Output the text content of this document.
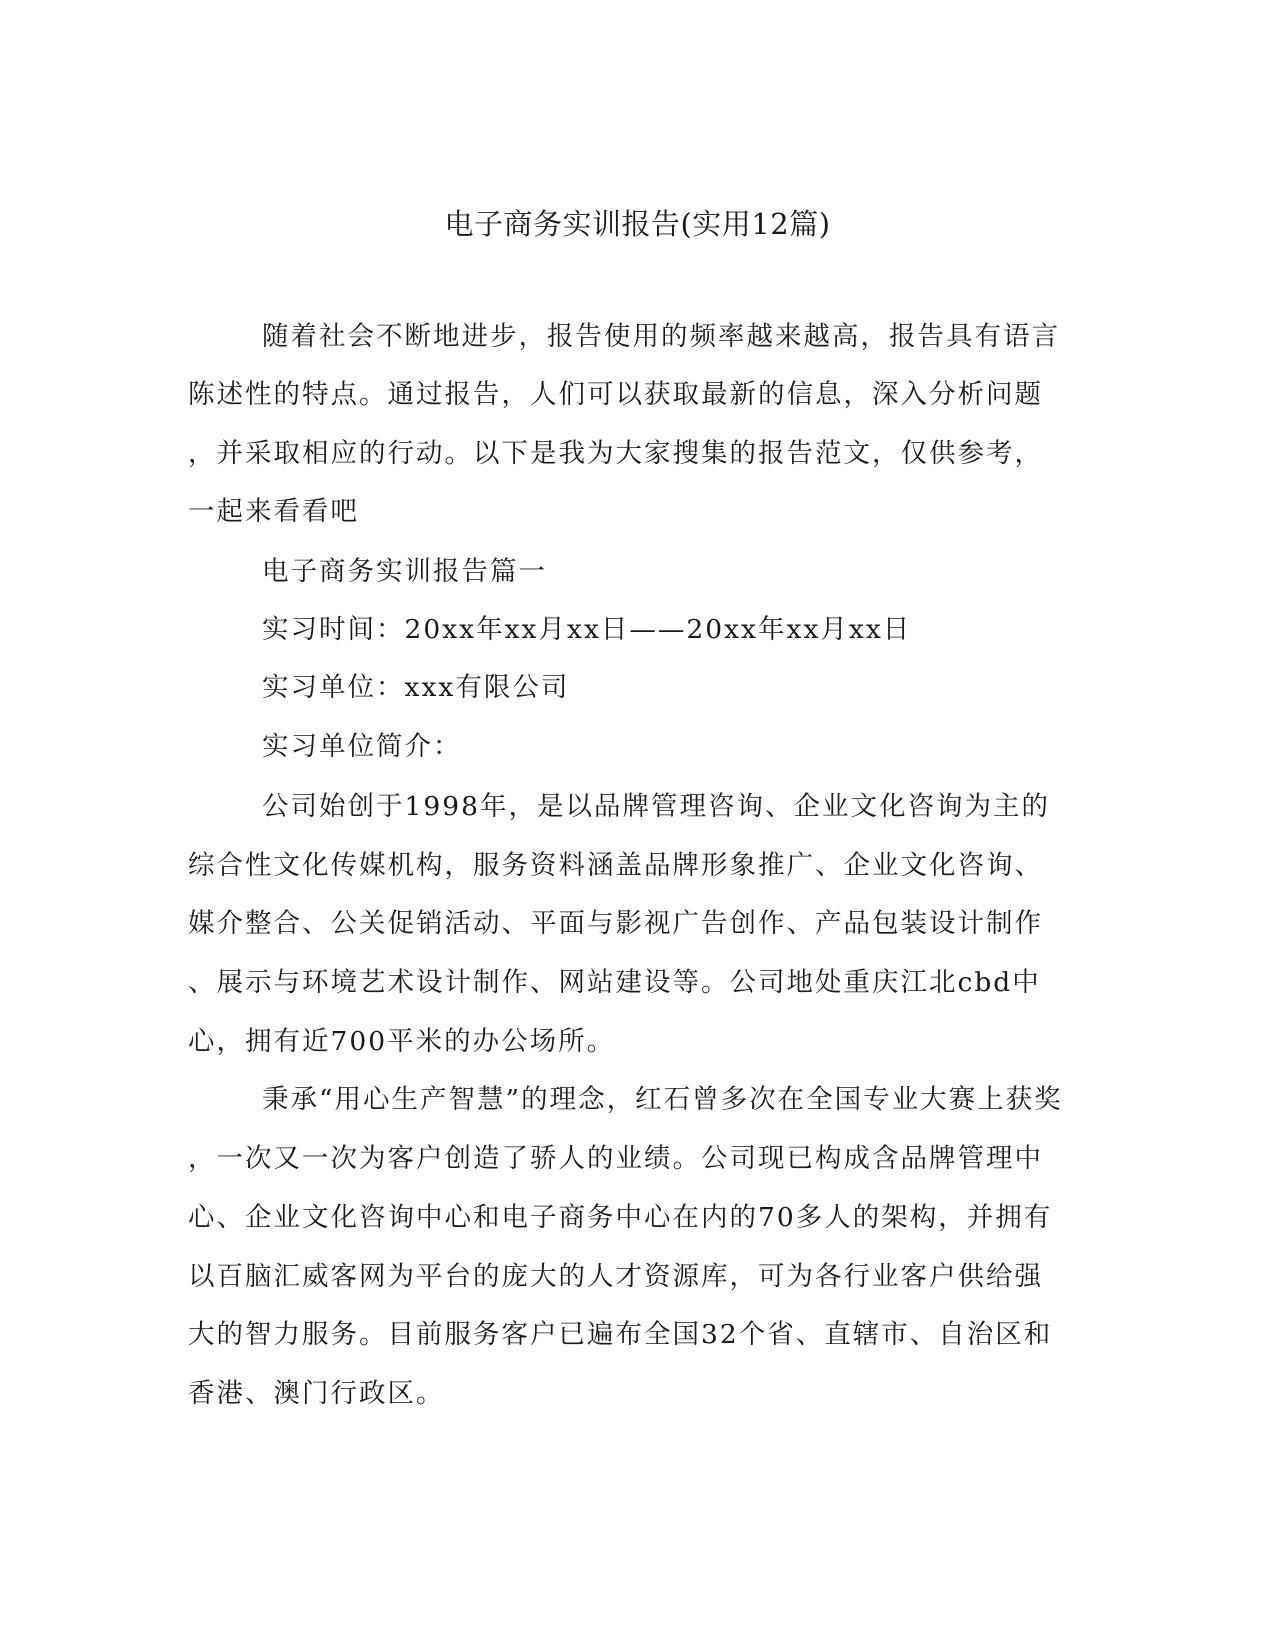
电子商务实训报告(实用12篇)
随着社会不断地进步，报告使用的频率越来越高，报告具有语言
陈述性的特点。通过报告，人们可以获取最新的信息，深入分析问题
，并采取相应的行动。以下是我为大家搜集的报告范文，仅供参考，
一起来看看吧
电子商务实训报告篇一
实习时间：20xx年xx月xx日——20xx年xx月xx日
实习单位：xxx有限公司
实习单位简介：
公司始创于1998年，是以品牌管理咨询、企业文化咨询为主的
综合性文化传媒机构，服务资料涵盖品牌形象推广、企业文化咨询、
媒介整合、公关促销活动、平面与影视广告创作、产品包装设计制作
、展示与环境艺术设计制作、网站建设等。公司地处重庆江北cbd中
心，拥有近700平米的办公场所。
秉承“用心生产智慧”的理念，红石曾多次在全国专业大赛上获奖
，一次又一次为客户创造了骄人的业绩。公司现已构成含品牌管理中
心、企业文化咨询中心和电子商务中心在内的70多人的架构，并拥有
以百脑汇威客网为平台的庞大的人才资源库，可为各行业客户供给强
大的智力服务。目前服务客户已遍布全国32个省、直辖市、自治区和
香港、澳门行政区。
